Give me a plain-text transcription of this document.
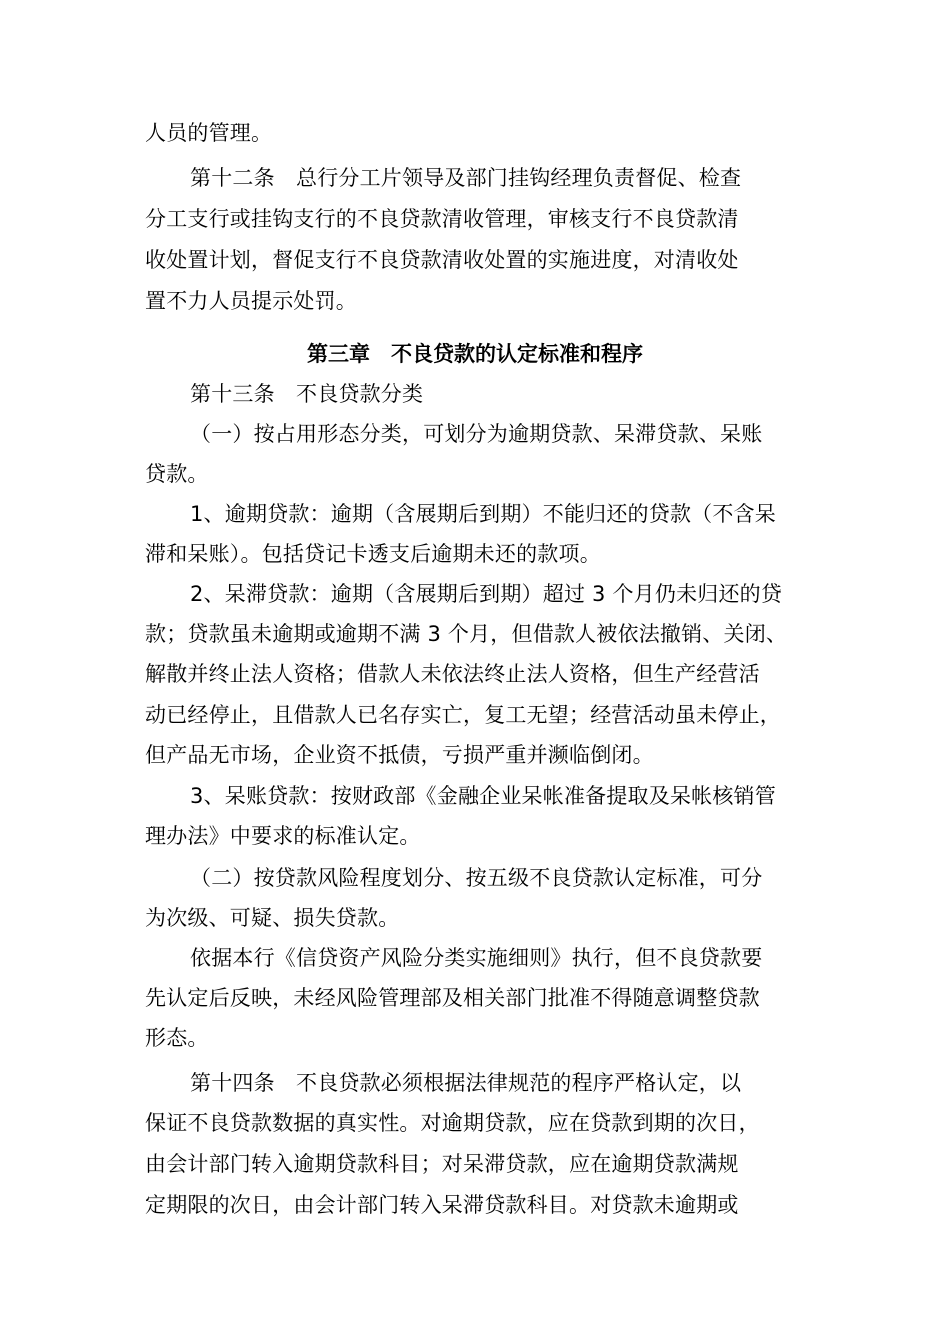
人员的管理。
第十二条　总行分工片领导及部门挂钩经理负责督促、检查
分工支行或挂钩支行的不良贷款清收管理，审核支行不良贷款清
收处置计划，督促支行不良贷款清收处置的实施进度，对清收处
置不力人员提示处罚。
第三章　不良贷款的认定标准和程序
第十三条　不良贷款分类
（一）按占用形态分类，可划分为逾期贷款、呆滞贷款、呆账
贷款。
1、逾期贷款：逾期（含展期后到期）不能归还的贷款（不含呆
滞和呆账）。包括贷记卡透支后逾期未还的款项。
2、呆滞贷款：逾期（含展期后到期）超过 3 个月仍未归还的贷
款；贷款虽未逾期或逾期不满 3 个月，但借款人被依法撤销、关闭、
解散并终止法人资格；借款人未依法终止法人资格，但生产经营活
动已经停止，且借款人已名存实亡，复工无望；经营活动虽未停止，
但产品无市场，企业资不抵债，亏损严重并濒临倒闭。
3、呆账贷款：按财政部《金融企业呆帐准备提取及呆帐核销管
理办法》中要求的标准认定。
（二）按贷款风险程度划分、按五级不良贷款认定标准，可分
为次级、可疑、损失贷款。
依据本行《信贷资产风险分类实施细则》执行，但不良贷款要
先认定后反映，未经风险管理部及相关部门批准不得随意调整贷款
形态。
第十四条　不良贷款必须根据法律规范的程序严格认定，以
保证不良贷款数据的真实性。对逾期贷款，应在贷款到期的次日，
由会计部门转入逾期贷款科目；对呆滞贷款，应在逾期贷款满规
定期限的次日，由会计部门转入呆滞贷款科目。对贷款未逾期或
